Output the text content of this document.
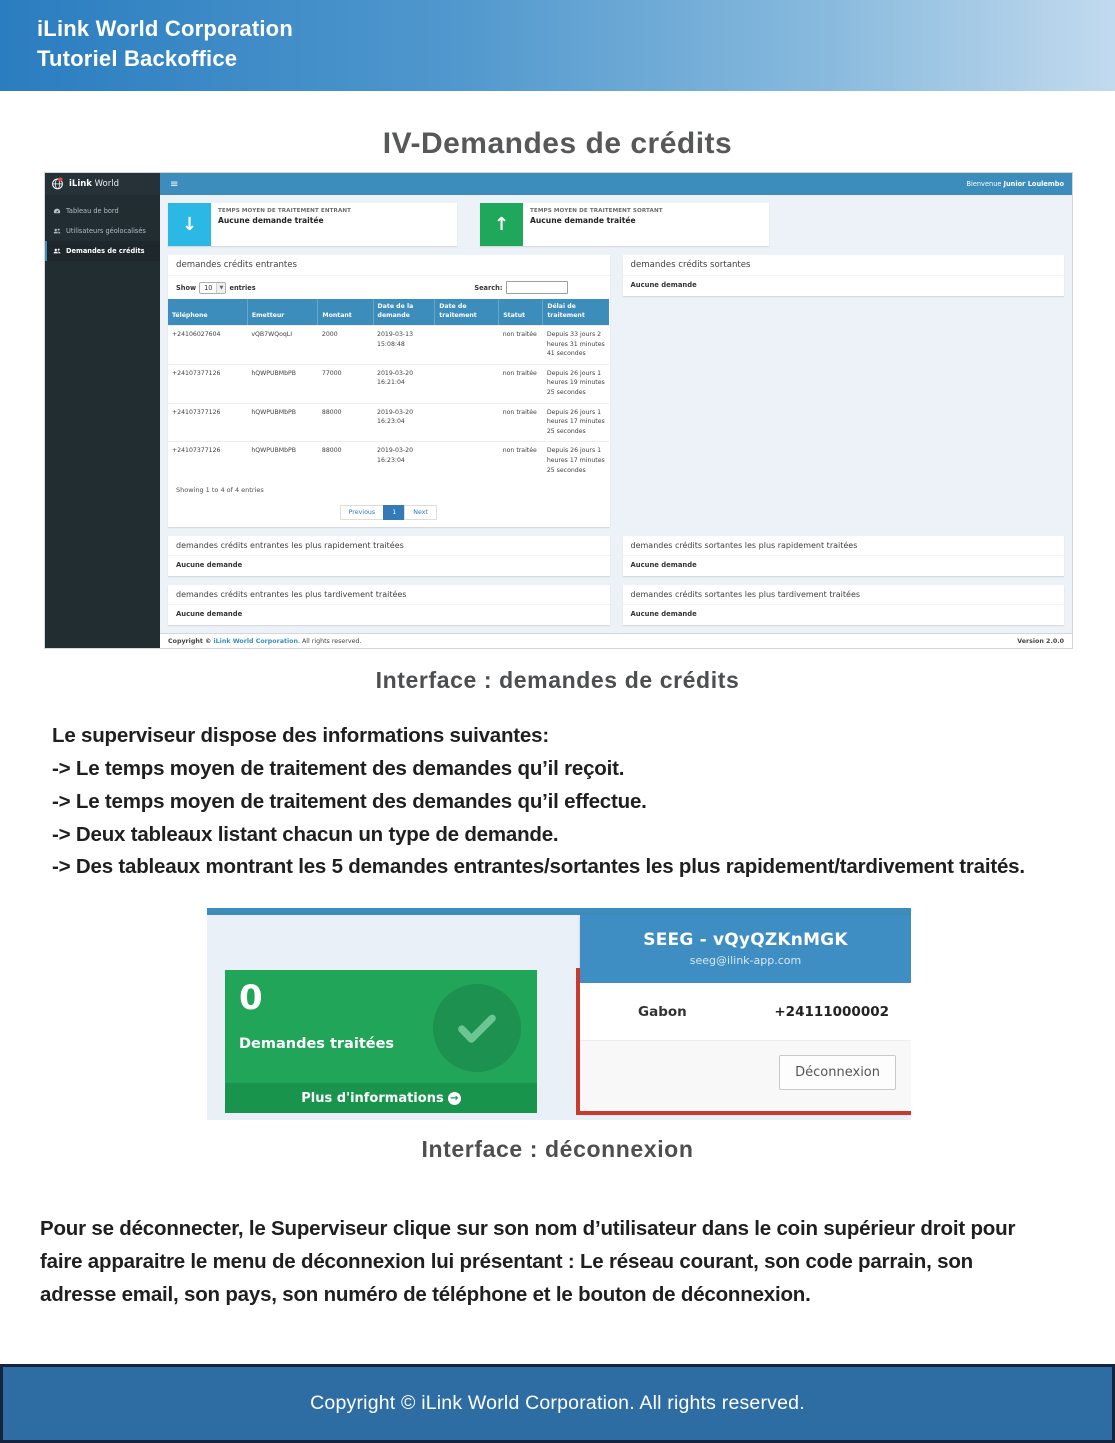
iLink World Corporation
Tutoriel Backoffice
IV-Demandes de crédits
iLink World
Tableau de bord
Utilisateurs géolocalisés
Demandes de crédits
≡	Bienvenue Junior Loulembo
↓
TEMPS MOYEN DE TRAITEMENT ENTRANT
Aucune demande traitée	↑
TEMPS MOYEN DE TRAITEMENT SORTANT
Aucune demande traitée
demandes crédits entrantes
Show	10	▼ entries	Search:
Téléphone	Emetteur	Montant	Date de la demande	Date de traitement	Statut	Délai de traitement
+24106027604	vQB7WQoqLI	2000	2019-03-13 15:08:48		non traitée	Depuis 33 jours 2 heures 31 minutes 41 secondes
+24107377126	hQWPUBMbPB	77000	2019-03-20 16:21:04		non traitée	Depuis 26 jours 1 heures 19 minutes 25 secondes
+24107377126	hQWPUBMbPB	88000	2019-03-20 16:23:04		non traitée	Depuis 26 jours 1 heures 17 minutes 25 secondes
+24107377126	hQWPUBMbPB	88000	2019-03-20 16:23:04		non traitée	Depuis 26 jours 1 heures 17 minutes 25 secondes
Showing 1 to 4 of 4 entries
Previous	1	Next
demandes crédits entrantes les plus rapidement traitées
Aucune demande
demandes crédits entrantes les plus tardivement traitées
Aucune demande
demandes crédits sortantes
Aucune demande
demandes crédits sortantes les plus rapidement traitées
Aucune demande
demandes crédits sortantes les plus tardivement traitées
Aucune demande
Copyright © iLink World Corporation. All rights reserved.	Version 2.0.0
Interface : demandes de crédits
Le superviseur dispose des informations suivantes:
-> Le temps moyen de traitement des demandes qu’il reçoit.
-> Le temps moyen de traitement des demandes qu’il effectue.
-> Deux tableaux listant chacun un type de demande.
-> Des tableaux montrant les 5 demandes entrantes/sortantes les plus rapidement/tardivement traités.
0
Demandes traitées
Plus d'informations →
SEEG - vQyQZKnMGK
seeg@ilink-app.com
Gabon	+24111000002
Déconnexion
Interface : déconnexion
Pour se déconnecter, le Superviseur clique sur son nom d’utilisateur dans le coin supérieur droit pour faire apparaitre le menu de déconnexion lui présentant : Le réseau courant, son code parrain, son adresse email, son pays, son numéro de téléphone et le bouton de déconnexion.
Copyright © iLink World Corporation. All rights reserved.
